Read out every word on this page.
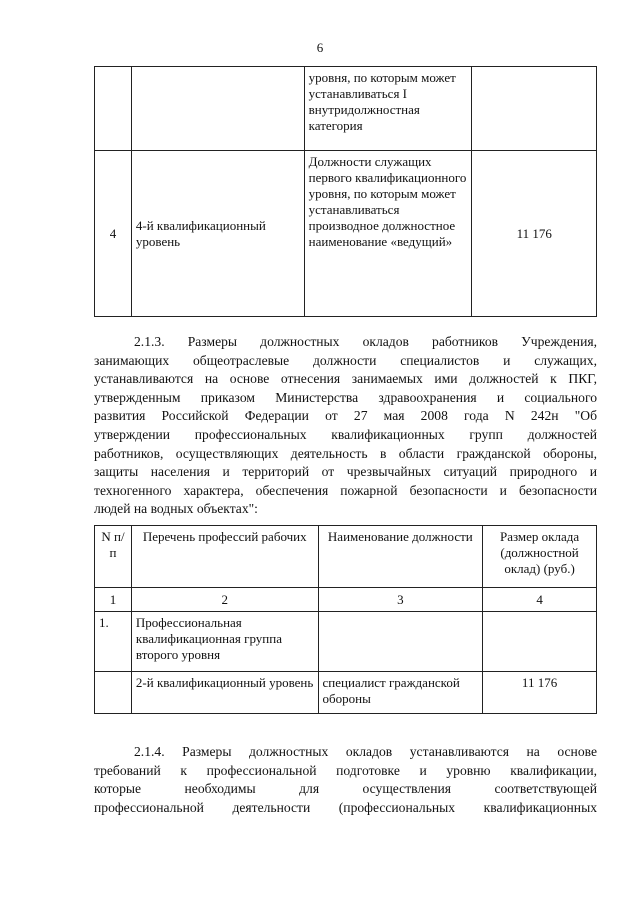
6
		уровня, по которым может устанавливаться I внутридолжностная категория	
4	4-й квалификационный уровень	Должности служащих первого квалификационного уровня, по которым может устанавливаться производное должностное наименование «ведущий»	11 176
2.1.3. Размеры должностных окладов работников Учреждения,
занимающих общеотраслевые должности специалистов и служащих,
устанавливаются на основе отнесения занимаемых ими должностей к ПКГ,
утвержденным приказом Министерства здравоохранения и социального
развития Российской Федерации от 27 мая 2008 года N 242н "Об
утверждении профессиональных квалификационных групп должностей
работников, осуществляющих деятельность в области гражданской обороны,
защиты населения и территорий от чрезвычайных ситуаций природного и
техногенного характера, обеспечения пожарной безопасности и безопасности
людей на водных объектах":
N п/п	Перечень профессий рабочих	Наименование должности	Размер оклада (должностной оклад) (руб.)
1	2	3	4
1.	Профессиональная квалификационная группа второго уровня		
	2-й квалификационный уровень	специалист гражданской обороны	11 176
2.1.4. Размеры должностных окладов устанавливаются на основе
требований к профессиональной подготовке и уровню квалификации,
которые необходимы для осуществления соответствующей
профессиональной деятельности (профессиональных квалификационных
